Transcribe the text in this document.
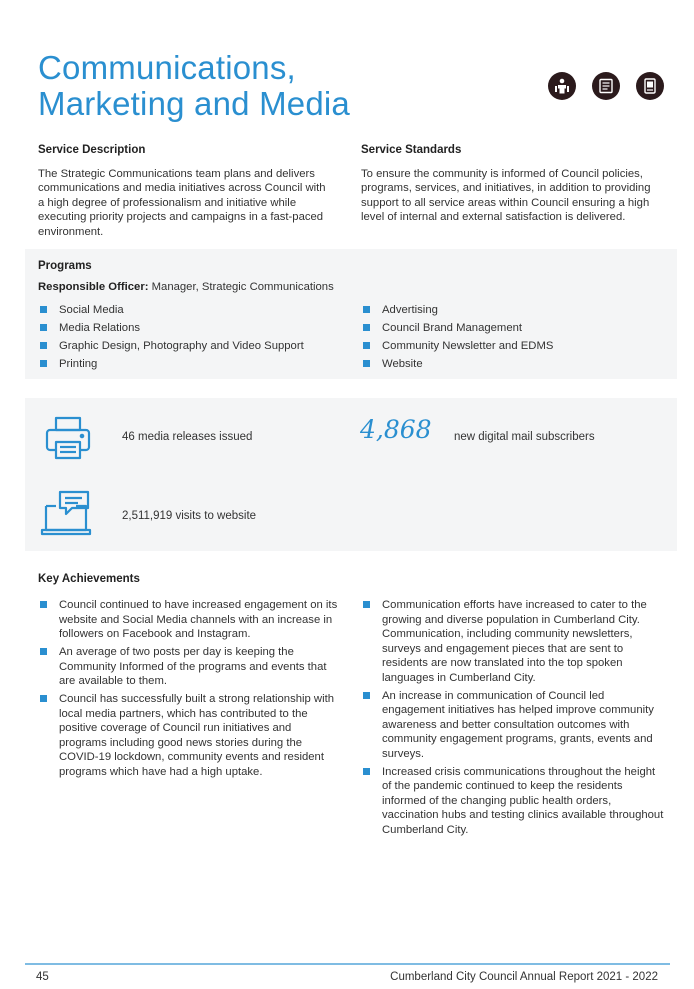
Communications,
Marketing and Media
Service Description

The Strategic Communications team plans and delivers communications and media initiatives across Council with a high degree of professionalism and initiative while executing priority projects and campaigns in a fast-paced environment.

Service Standards

To ensure the community is informed of Council policies, programs, services, and initiatives, in addition to providing support to all service areas within Council ensuring a high level of internal and external satisfaction is delivered.

Programs
Responsible Officer: Manager, Strategic Communications
Social Media
Media Relations
Graphic Design, Photography and Video Support
Printing
Advertising
Council Brand Management
Community Newsletter and EDMS
Website
46 media releases issued	4,868 new digital mail subscribers
2,511,919 visits to website
Key Achievements
Council continued to have increased engagement on its website and Social Media channels with an increase in followers on Facebook and Instagram.
An average of two posts per day is keeping the Community Informed of the programs and events that are available to them.
Council has successfully built a strong relationship with local media partners, which has contributed to the positive coverage of Council run initiatives and programs including good news stories during the COVID-19 lockdown, community events and resident programs which have had a high uptake.
Communication efforts have increased to cater to the growing and diverse population in Cumberland City. Communication, including community newsletters, surveys and engagement pieces that are sent to residents are now translated into the top spoken languages in Cumberland City.
An increase in communication of Council led engagement initiatives has helped improve community awareness and better consultation outcomes with community engagement programs, grants, events and surveys.
Increased crisis communications throughout the height of the pandemic continued to keep the residents informed of the changing public health orders, vaccination hubs and testing clinics available throughout Cumberland City.
45	Cumberland City Council Annual Report 2021 - 2022
